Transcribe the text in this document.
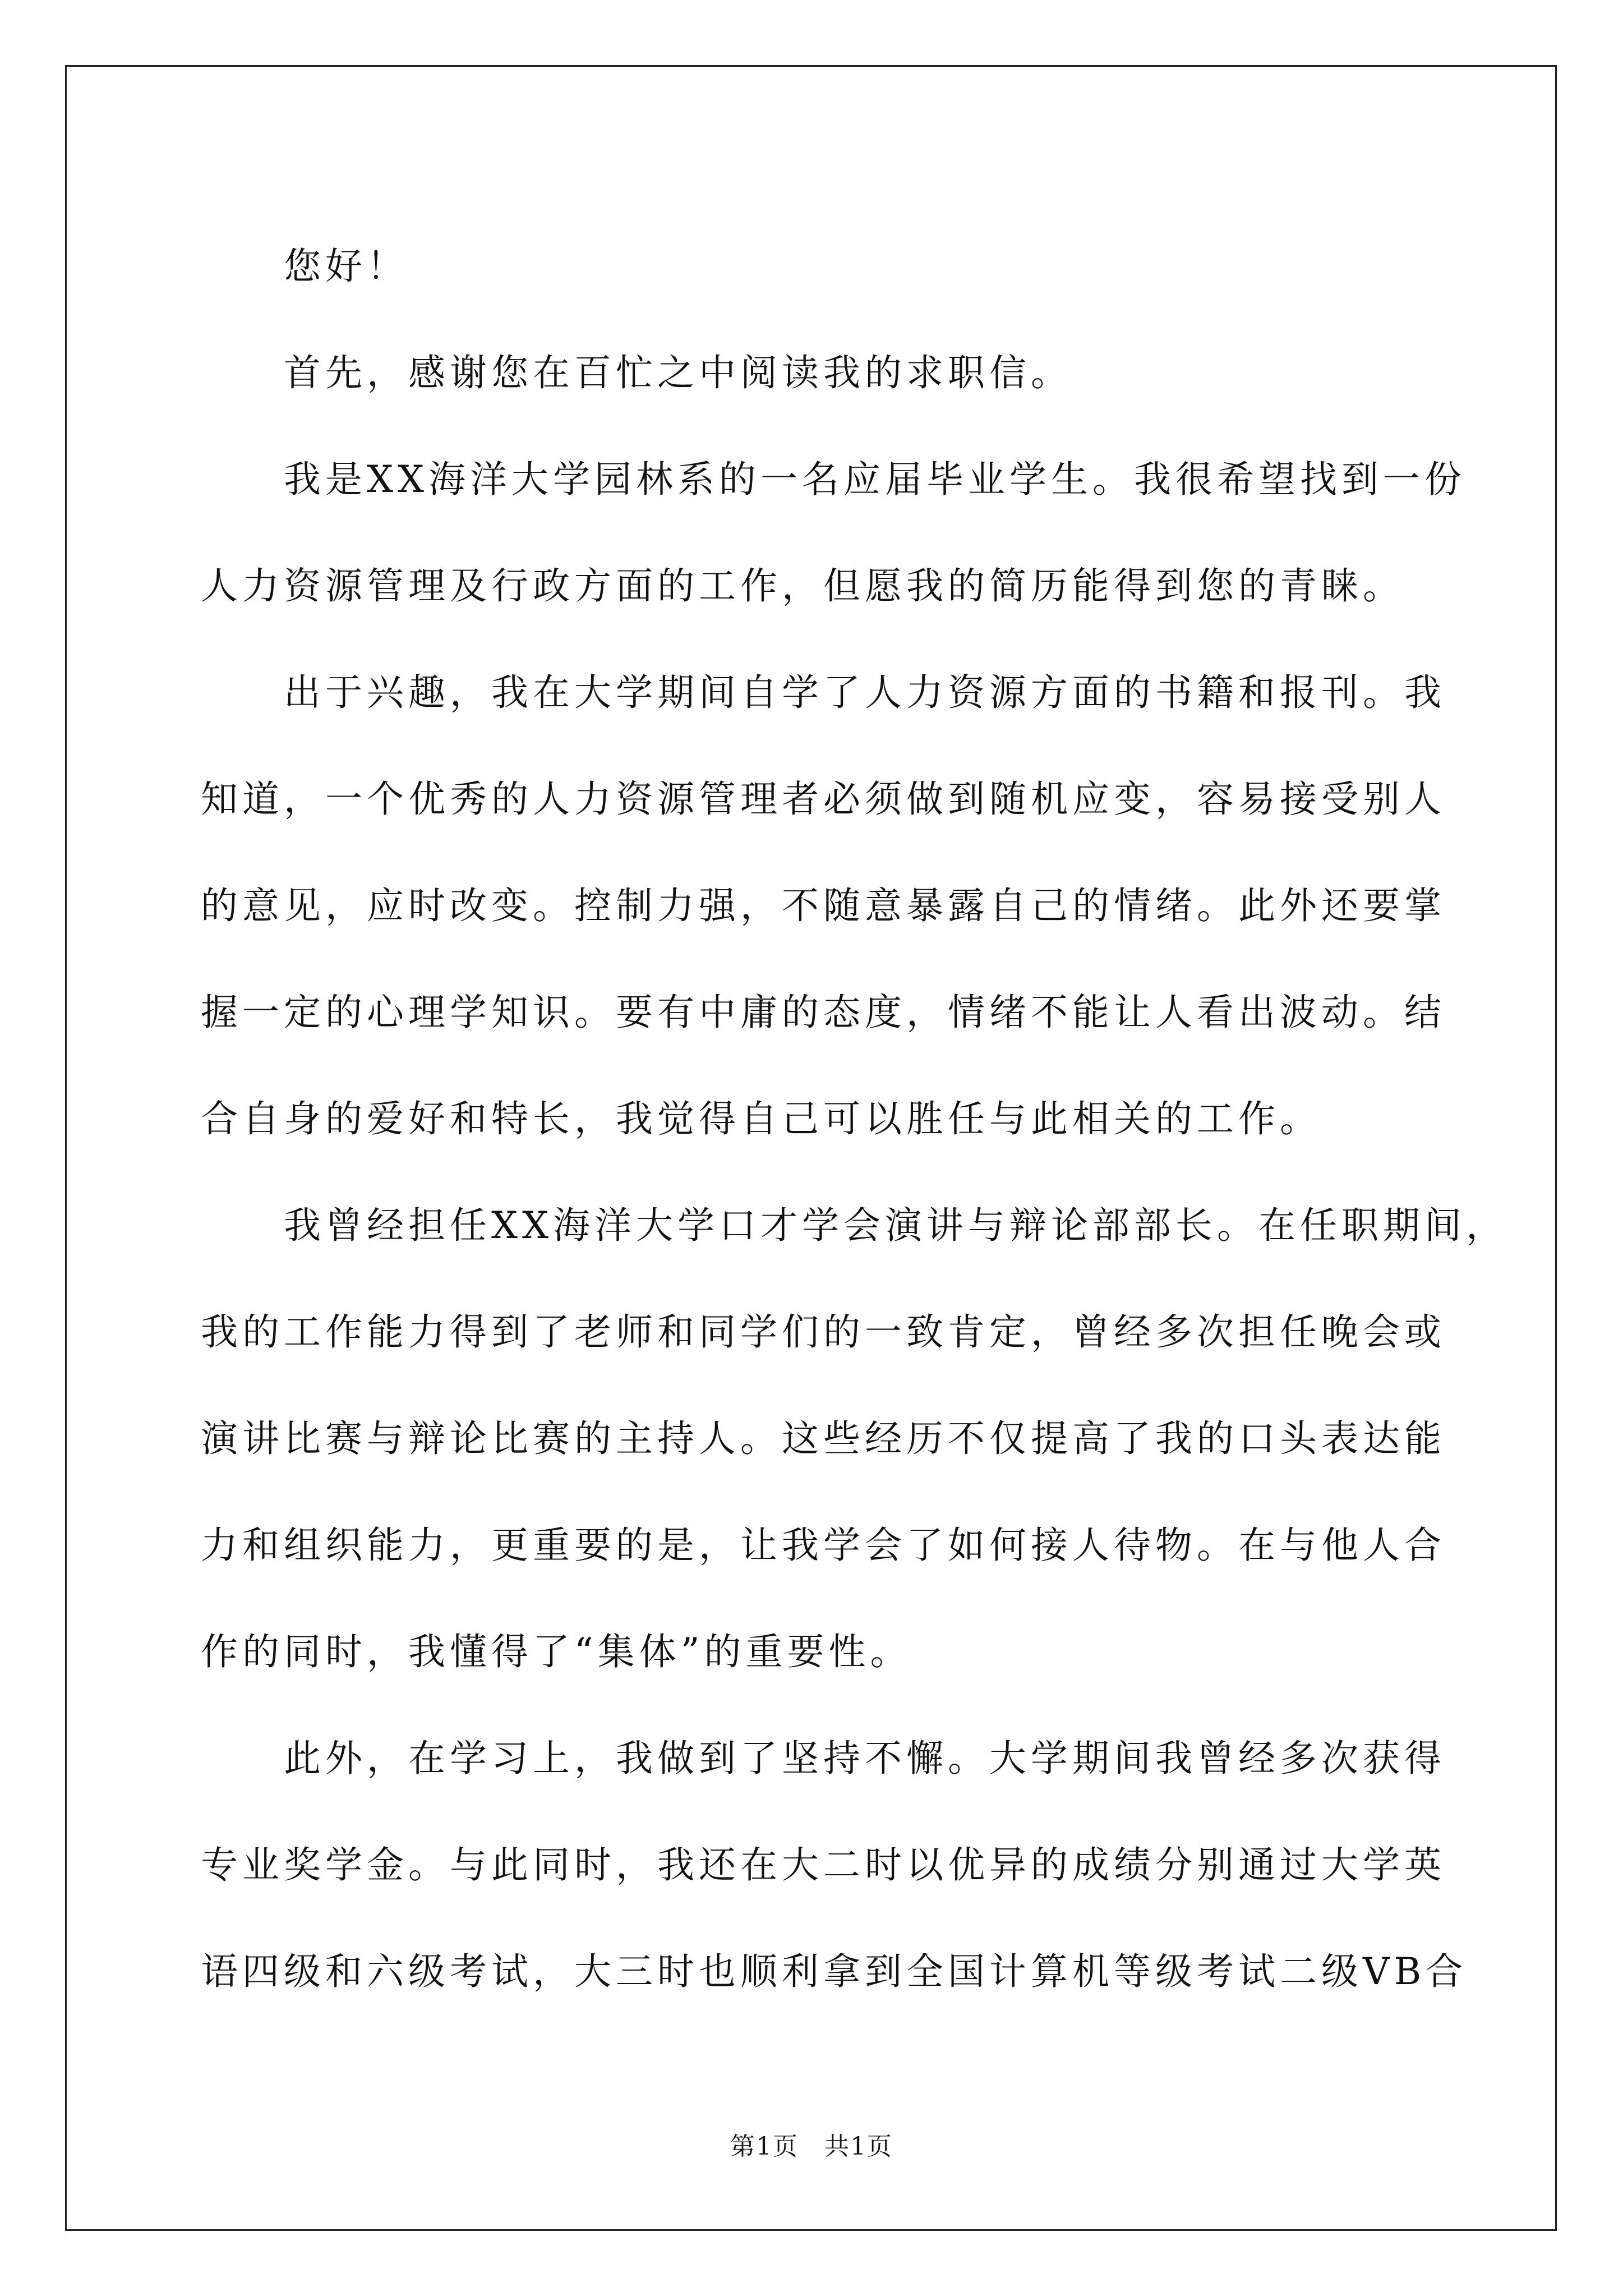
您好！
首先，感谢您在百忙之中阅读我的求职信。
我是XX海洋大学园林系的一名应届毕业学生。我很希望找到一份
人力资源管理及行政方面的工作，但愿我的简历能得到您的青睐。
出于兴趣，我在大学期间自学了人力资源方面的书籍和报刊。我
知道，一个优秀的人力资源管理者必须做到随机应变，容易接受别人
的意见，应时改变。控制力强，不随意暴露自己的情绪。此外还要掌
握一定的心理学知识。要有中庸的态度，情绪不能让人看出波动。结
合自身的爱好和特长，我觉得自己可以胜任与此相关的工作。
我曾经担任XX海洋大学口才学会演讲与辩论部部长。在任职期间，
我的工作能力得到了老师和同学们的一致肯定，曾经多次担任晚会或
演讲比赛与辩论比赛的主持人。这些经历不仅提高了我的口头表达能
力和组织能力，更重要的是，让我学会了如何接人待物。在与他人合
作的同时，我懂得了“集体”的重要性。
此外，在学习上，我做到了坚持不懈。大学期间我曾经多次获得
专业奖学金。与此同时，我还在大二时以优异的成绩分别通过大学英
语四级和六级考试，大三时也顺利拿到全国计算机等级考试二级VB合
第1页　共1页
